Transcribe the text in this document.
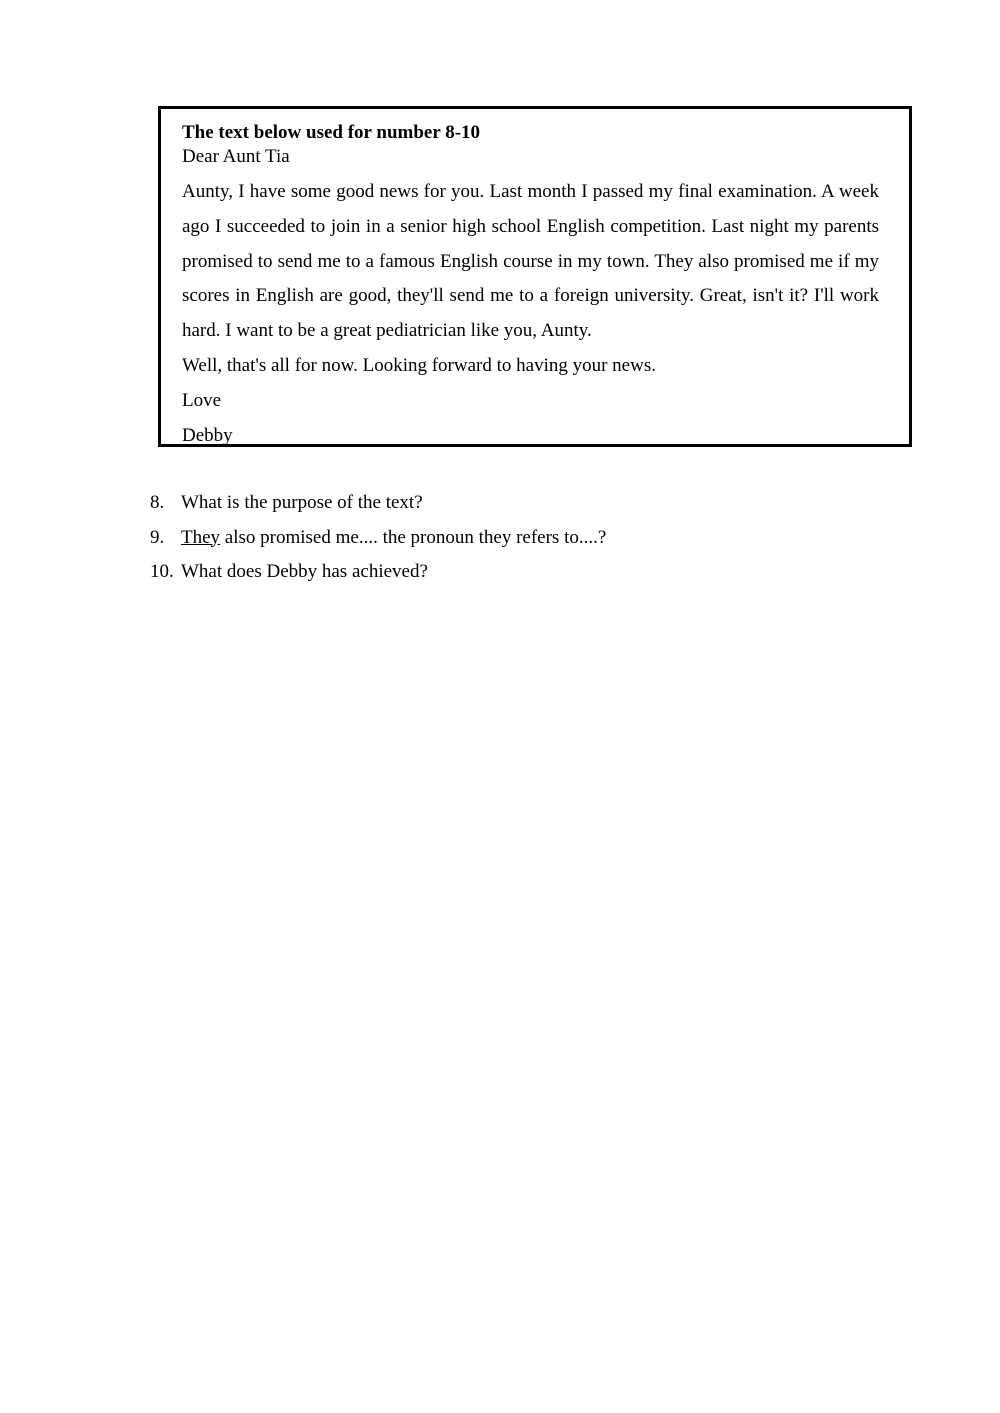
The text below used for number 8-10
Dear Aunt Tia
Aunty, I have some good news for you. Last month I passed my final examination. A week ago I succeeded to join in a senior high school English competition. Last night my parents promised to send me to a famous English course in my town. They also promised me if my scores in English are good, they'll send me to a foreign university. Great, isn't it? I'll work hard. I want to be a great pediatrician like you, Aunty.
Well, that's all for now. Looking forward to having your news.
Love
Debby
8. What is the purpose of the text?
9. They also promised me.... the pronoun they refers to....?
10. What does Debby has achieved?
